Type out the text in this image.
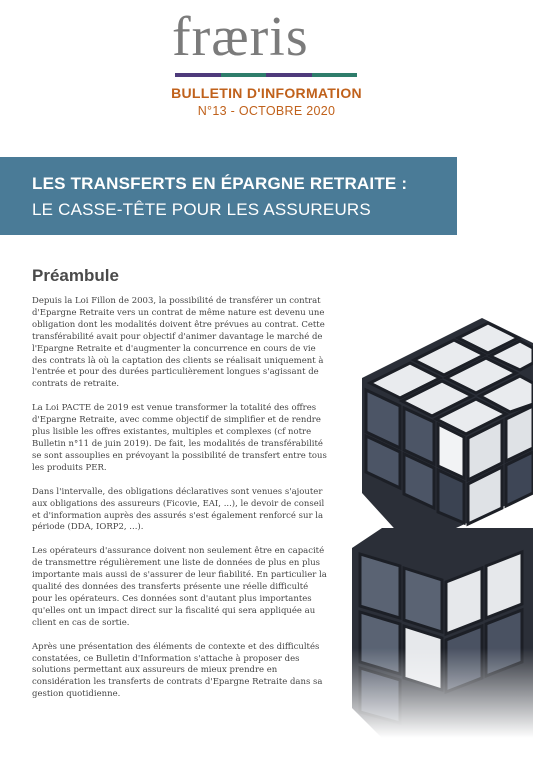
fræris
BULLETIN D'INFORMATION
N°13 - OCTOBRE 2020
LES TRANSFERTS EN ÉPARGNE RETRAITE :
LE CASSE-TÊTE POUR LES ASSUREURS
Préambule

Depuis la Loi Fillon de 2003, la possibilité de transférer un contrat d'Epargne Retraite vers un contrat de même nature est devenu une obligation dont les modalités doivent être prévues au contrat. Cette transférabilité avait pour objectif d'animer davantage le marché de l'Epargne Retraite et d'augmenter la concurrence en cours de vie des contrats là où la captation des clients se réalisait uniquement à l'entrée et pour des durées particulièrement longues s'agissant de contrats de retraite.

La Loi PACTE de 2019 est venue transformer la totalité des offres d'Epargne Retraite, avec comme objectif de simplifier et de rendre plus lisible les offres existantes, multiples et complexes (cf notre Bulletin n°11 de juin 2019). De fait, les modalités de transférabilité se sont assouplies en prévoyant la possibilité de transfert entre tous les produits PER.

Dans l'intervalle, des obligations déclaratives sont venues s'ajouter aux obligations des assureurs (Ficovie, EAI, ...), le devoir de conseil et d'information auprès des assurés s'est également renforcé sur la période (DDA, IORP2, ...).

Les opérateurs d'assurance doivent non seulement être en capacité de transmettre régulièrement une liste de données de plus en plus importante mais aussi de s'assurer de leur fiabilité. En particulier la qualité des données des transferts présente une réelle difficulté pour les opérateurs. Ces données sont d'autant plus importantes qu'elles ont un impact direct sur la fiscalité qui sera appliquée au client en cas de sortie.

Après une présentation des éléments de contexte et des difficultés constatées, ce Bulletin d'Information s'attache à proposer des solutions permettant aux assureurs de mieux prendre en considération les transferts de contrats d'Epargne Retraite dans sa gestion quotidienne.
